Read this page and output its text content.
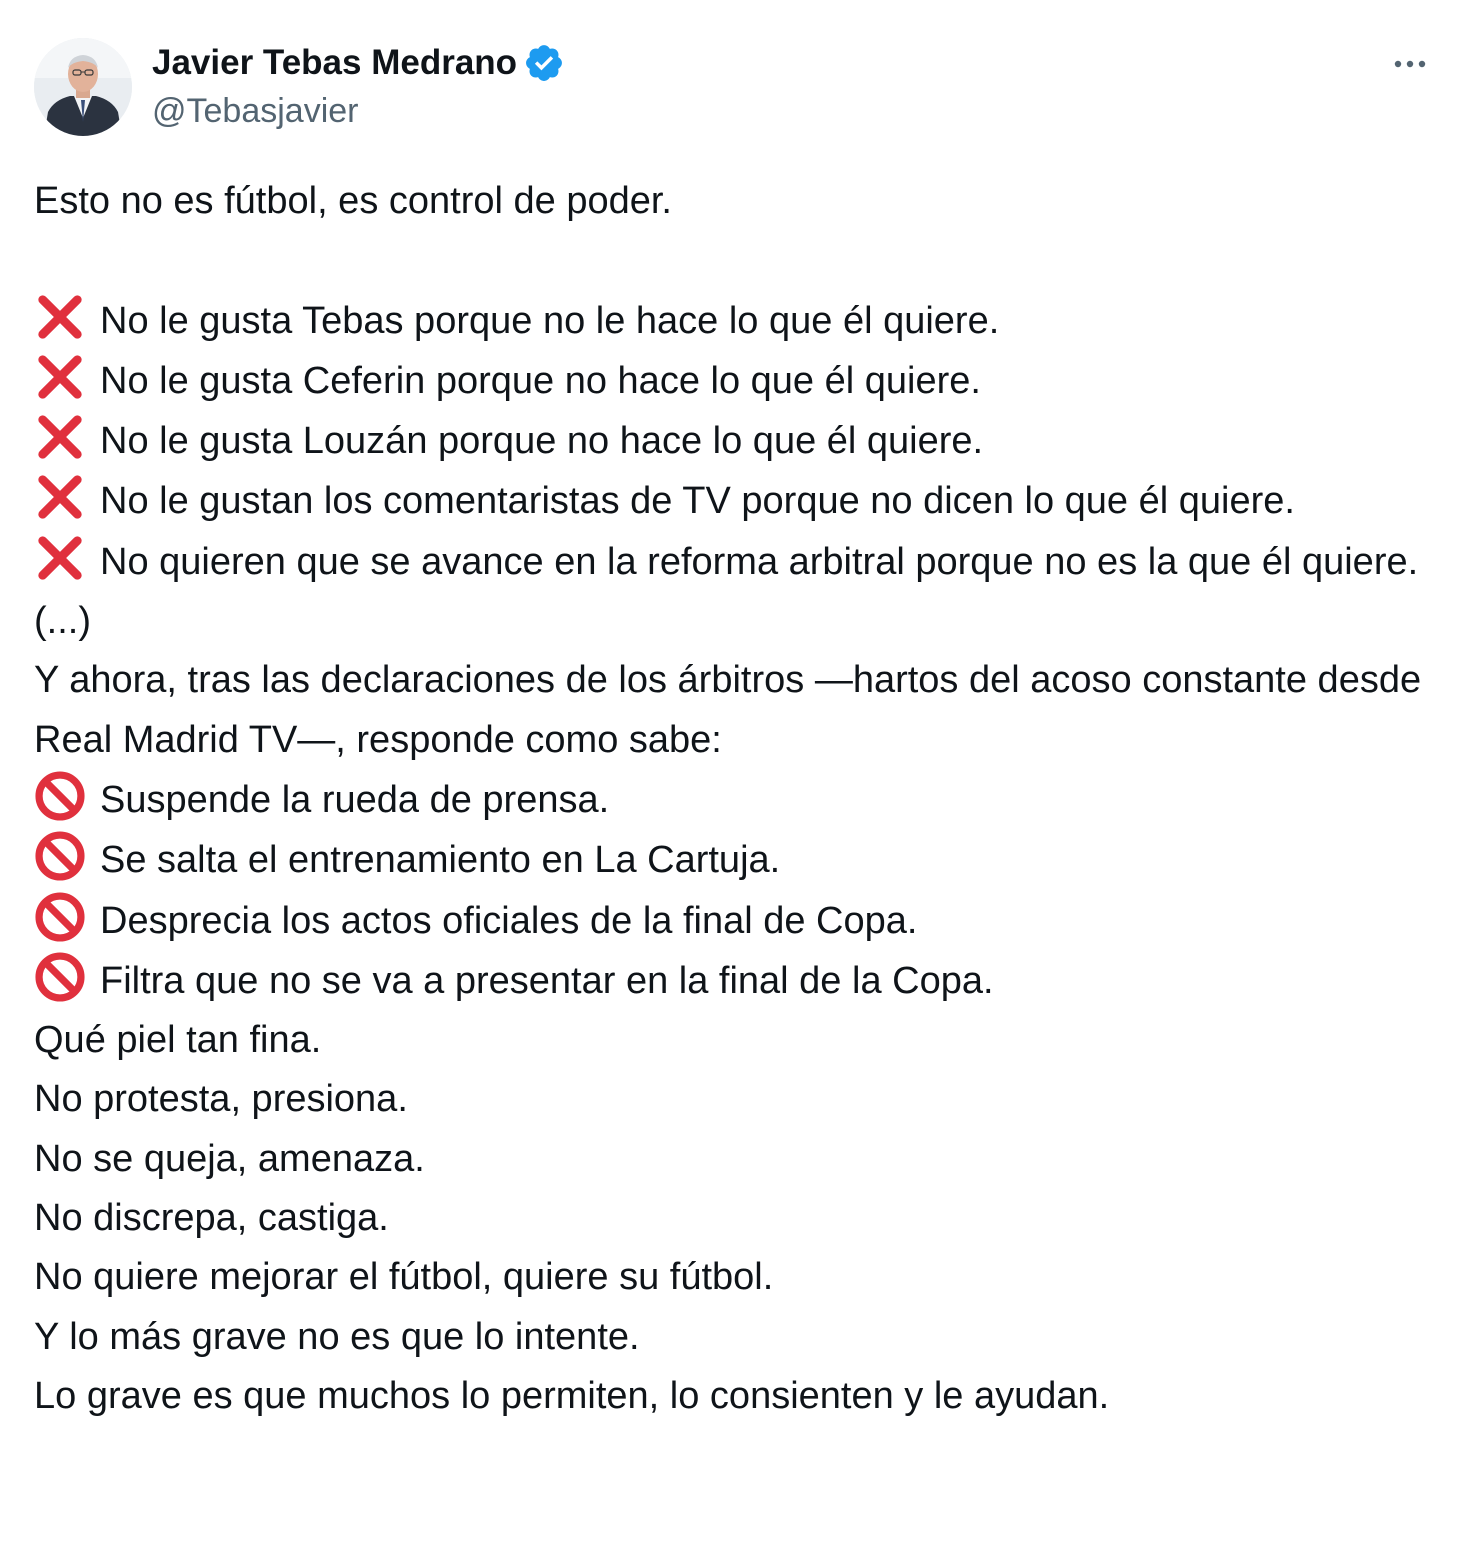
Javier Tebas Medrano
@Tebasjavier
Esto no es fútbol, es control de poder.
No le gusta Tebas porque no le hace lo que él quiere.
No le gusta Ceferin porque no hace lo que él quiere.
No le gusta Louzán porque no hace lo que él quiere.
No le gustan los comentaristas de TV porque no dicen lo que él quiere.
No quieren que se avance en la reforma arbitral porque no es la que él quiere.
(...)
Y ahora, tras las declaraciones de los árbitros —hartos del acoso constante desde Real Madrid TV—, responde como sabe:
Suspende la rueda de prensa.
Se salta el entrenamiento en La Cartuja.
Desprecia los actos oficiales de la final de Copa.
Filtra que no se va a presentar en la final de la Copa.
Qué piel tan fina.
No protesta, presiona.
No se queja, amenaza.
No discrepa, castiga.
No quiere mejorar el fútbol, quiere su fútbol.
Y lo más grave no es que lo intente.
Lo grave es que muchos lo permiten, lo consienten y le ayudan.
